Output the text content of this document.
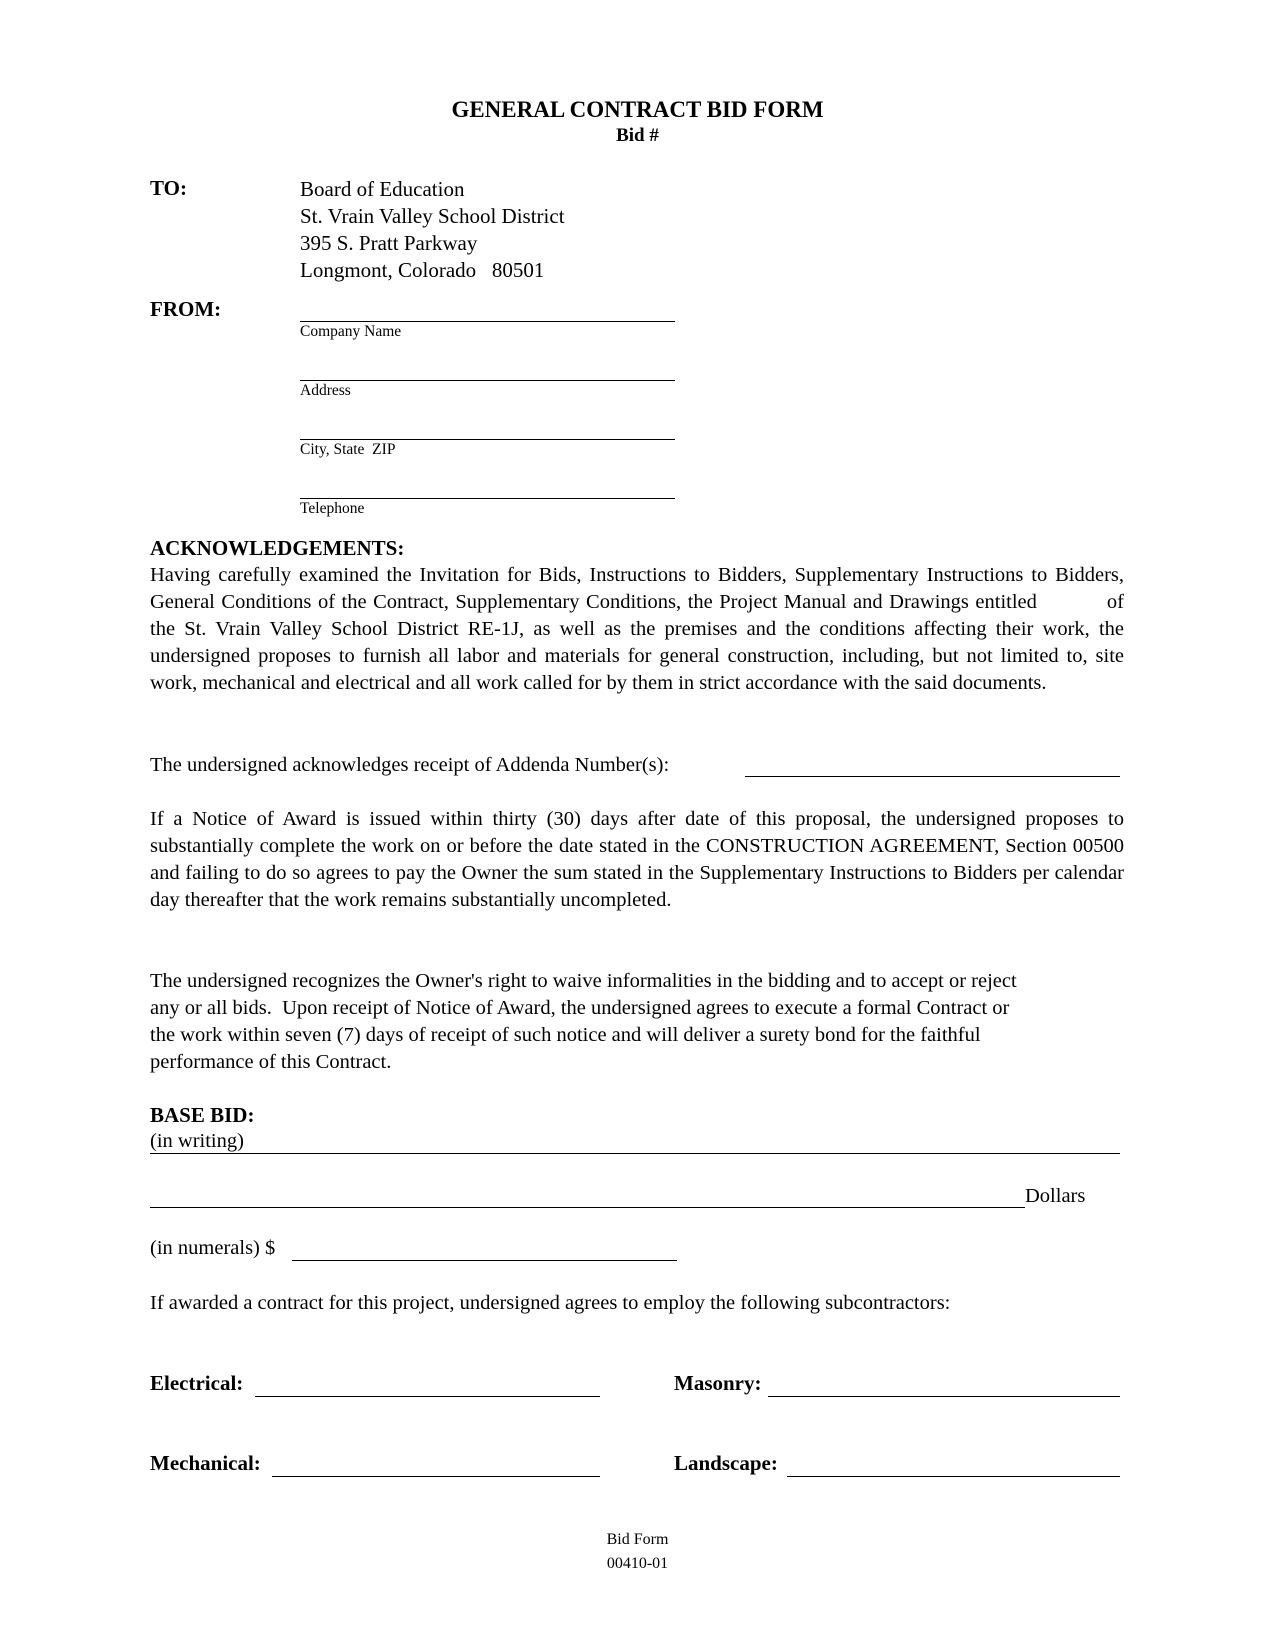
GENERAL CONTRACT BID FORM
Bid #
TO:	Board of Education
St. Vrain Valley School District
395 S. Pratt Parkway
Longmont, Colorado   80501
FROM:
Company Name
Address
City, State  ZIP
Telephone
ACKNOWLEDGEMENTS:
Having carefully examined the Invitation for Bids, Instructions to Bidders, Supplementary Instructions to Bidders, General Conditions of the Contract, Supplementary Conditions, the Project Manual and Drawings entitled	of the St. Vrain Valley School District RE-1J, as well as the premises and the conditions affecting their work, the undersigned proposes to furnish all labor and materials for general construction, including, but not limited to, site work, mechanical and electrical and all work called for by them in strict accordance with the said documents.
The undersigned acknowledges receipt of Addenda Number(s):
If a Notice of Award is issued within thirty (30) days after date of this proposal, the undersigned proposes to substantially complete the work on or before the date stated in the CONSTRUCTION AGREEMENT, Section 00500 and failing to do so agrees to pay the Owner the sum stated in the Supplementary Instructions to Bidders per calendar day thereafter that the work remains substantially uncompleted.
The undersigned recognizes the Owner's right to waive informalities in the bidding and to accept or reject
any or all bids.  Upon receipt of Notice of Award, the undersigned agrees to execute a formal Contract or
the work within seven (7) days of receipt of such notice and will deliver a surety bond for the faithful
performance of this Contract.
BASE BID:
(in writing)
Dollars
(in numerals) $
If awarded a contract for this project, undersigned agrees to employ the following subcontractors:
Electrical:	Masonry:
Mechanical:	Landscape:
Bid Form
00410-01
